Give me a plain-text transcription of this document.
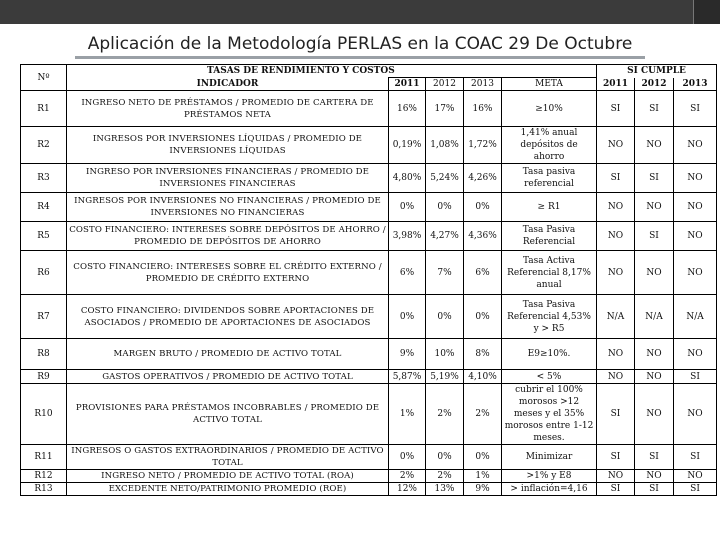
Aplicación de la Metodología PERLAS en la COAC 29 De Octubre
Nº	TASAS DE RENDIMIENTO Y COSTOS					SI CUMPLE		
	INDICADOR	2011	2012	2013	META	2011	2012	2013
R1	INGRESO NETO DE PRÉSTAMOS / PROMEDIO DE CARTERA DE PRÉSTAMOS NETA	16%	17%	16%	≥10%	SI	SI	SI
R2	INGRESOS POR INVERSIONES LÍQUIDAS / PROMEDIO DE INVERSIONES LÍQUIDAS	0,19%	1,08%	1,72%	1,41% anual depósitos de ahorro	NO	NO	NO
R3	INGRESO POR INVERSIONES FINANCIERAS / PROMEDIO DE INVERSIONES FINANCIERAS	4,80%	5,24%	4,26%	Tasa pasiva referencial	SI	SI	NO
R4	INGRESOS POR INVERSIONES NO FINANCIERAS / PROMEDIO DE INVERSIONES NO FINANCIERAS	0%	0%	0%	≥ R1	NO	NO	NO
R5	COSTO FINANCIERO: INTERESES SOBRE DEPÓSITOS DE AHORRO / PROMEDIO DE DEPÓSITOS DE AHORRO	3,98%	4,27%	4,36%	Tasa Pasiva Referencial	NO	SI	NO
R6	COSTO FINANCIERO: INTERESES SOBRE EL CRÉDITO EXTERNO / PROMEDIO DE CRÉDITO EXTERNO	6%	7%	6%	Tasa Activa Referencial 8,17% anual	NO	NO	NO
R7	COSTO FINANCIERO: DIVIDENDOS SOBRE APORTACIONES DE ASOCIADOS / PROMEDIO DE APORTACIONES DE ASOCIADOS	0%	0%	0%	Tasa Pasiva Referencial 4,53% y > R5	N/A	N/A	N/A
R8	MARGEN BRUTO / PROMEDIO DE ACTIVO TOTAL	9%	10%	8%	E9≥10%.	NO	NO	NO
R9	GASTOS OPERATIVOS / PROMEDIO DE ACTIVO TOTAL	5,87%	5,19%	4,10%	< 5%	NO	NO	SI
R10	PROVISIONES PARA PRÉSTAMOS INCOBRABLES / PROMEDIO DE ACTIVO TOTAL	1%	2%	2%	cubrir el 100% morosos >12 meses y el 35% morosos entre 1-12 meses.	SI	NO	NO
R11	INGRESOS O GASTOS EXTRAORDINARIOS / PROMEDIO DE ACTIVO TOTAL	0%	0%	0%	Minimizar	SI	SI	SI
R12	INGRESO NETO / PROMEDIO DE ACTIVO TOTAL (ROA)	2%	2%	1%	>1% y E8	NO	NO	NO
R13	EXCEDENTE NETO/PATRIMONIO PROMEDIO (ROE)	12%	13%	9%	> inflación=4,16	SI	SI	SI
